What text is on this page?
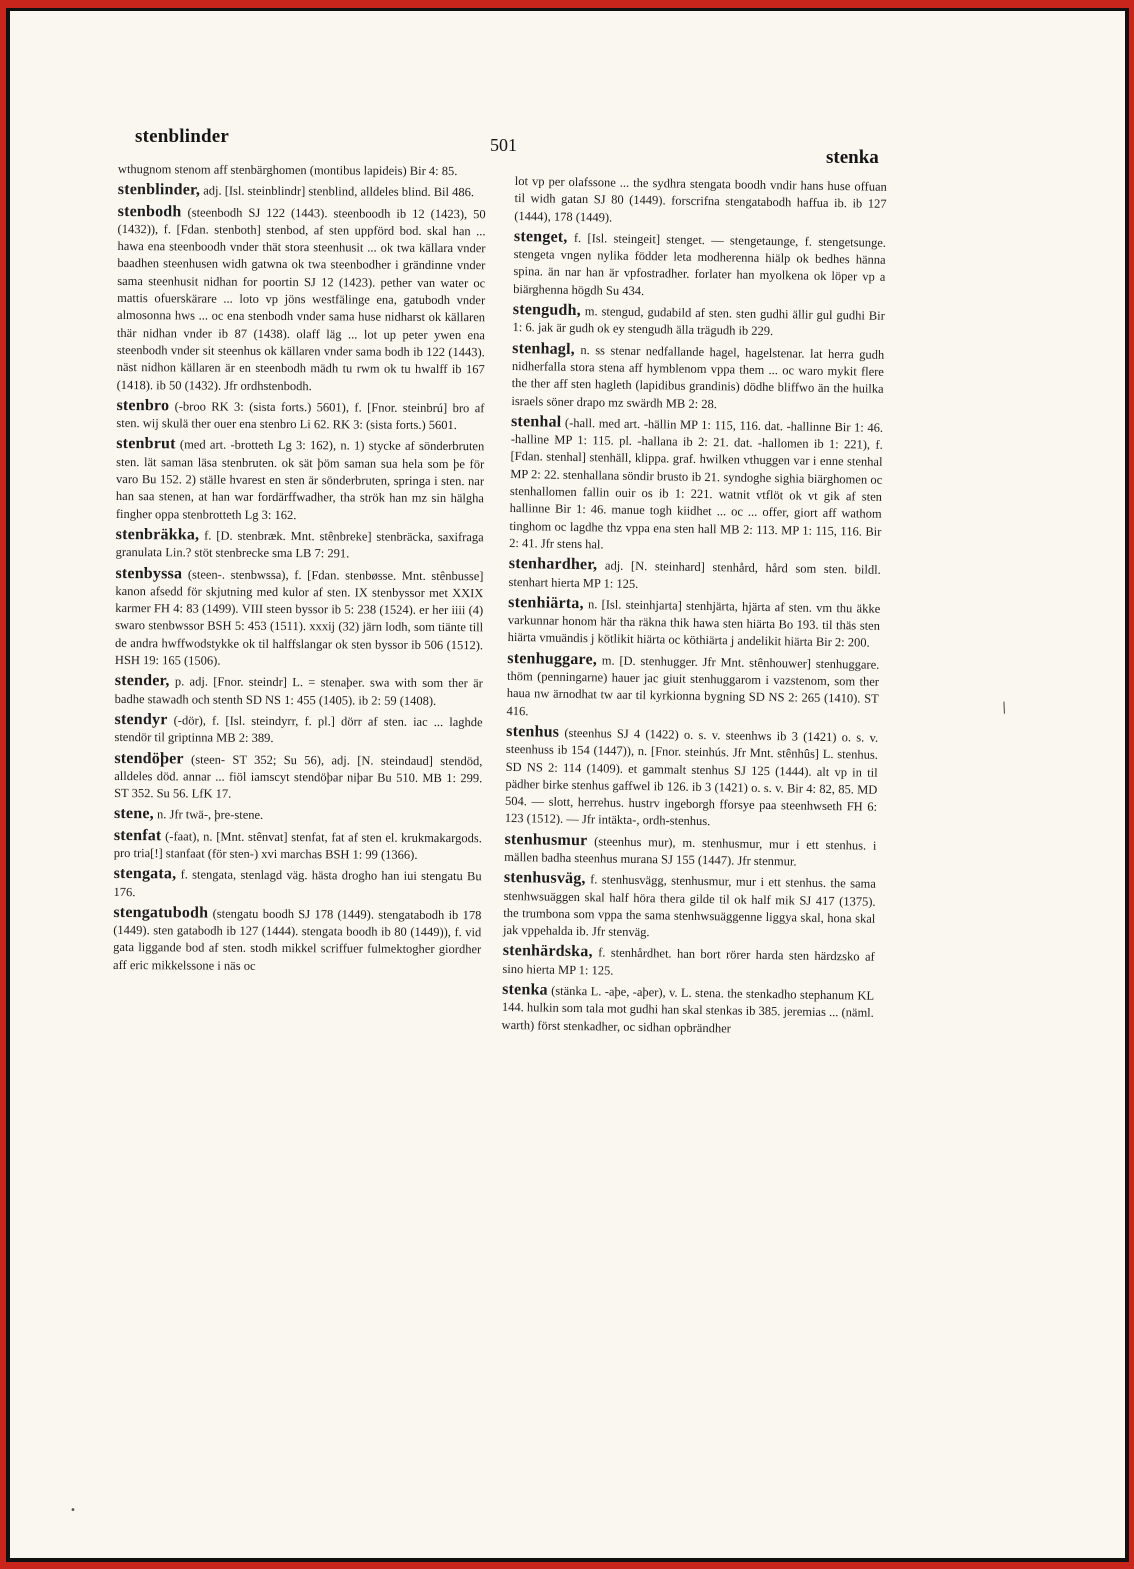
stenblinder	501
stenka

wthugnom stenom aff stenbärghomen (montibus lapideis) Bir 4: 85.

stenblinder, adj. [Isl. steinblindr] stenblind, alldeles blind. Bil 486.

stenbodh (steenbodh SJ 122 (1443). steenboodh ib 12 (1423), 50 (1432)), f. [Fdan. stenboth] stenbod, af sten uppförd bod. skal han ... hawa ena steenboodh vnder thät stora steenhusit ... ok twa källara vnder baadhen steenhusen widh gatwna ok twa steenbodher i grändinne vnder sama steenhusit nidhan for poortin SJ 12 (1423). pether van water oc mattis ofuerskärare ... loto vp jöns westfälinge ena, gatubodh vnder almosonna hws ... oc ena stenbodh vnder sama huse nidharst ok källaren thär nidhan vnder ib 87 (1438). olaff läg ... lot up peter ywen ena steenbodh vnder sit steenhus ok källaren vnder sama bodh ib 122 (1443). näst nidhon källaren är en steenbodh mädh tu rwm ok tu hwalff ib 167 (1418). ib 50 (1432). Jfr ordhstenbodh.

stenbro (-broo RK 3: (sista forts.) 5601), f. [Fnor. steinbrú] bro af sten. wij skulä ther ouer ena stenbro Li 62. RK 3: (sista forts.) 5601.

stenbrut (med art. -brotteth Lg 3: 162), n. 1) stycke af sönderbruten sten. lät saman läsa stenbruten. ok sät þöm saman sua hela som þe för varo Bu 152. 2) ställe hvarest en sten är sönderbruten, springa i sten. nar han saa stenen, at han war fordärffwadher, tha strök han mz sin hälgha fingher oppa stenbrotteth Lg 3: 162.

stenbräkka, f. [D. stenbræk. Mnt. stênbreke] stenbräcka, saxifraga granulata Lin.? stöt stenbrecke sma LB 7: 291.

stenbyssa (steen-. stenbwssa), f. [Fdan. stenbøsse. Mnt. stênbusse] kanon afsedd för skjutning med kulor af sten. IX stenbyssor met XXIX karmer FH 4: 83 (1499). VIII steen byssor ib 5: 238 (1524). er her iiii (4) swaro stenbwssor BSH 5: 453 (1511). xxxij (32) järn lodh, som tiänte till de andra hwffwodstykke ok til halffslangar ok sten byssor ib 506 (1512). HSH 19: 165 (1506).

stender, p. adj. [Fnor. steindr] L. = stenaþer. swa with som ther är badhe stawadh och stenth SD NS 1: 455 (1405). ib 2: 59 (1408).

stendyr (-dör), f. [Isl. steindyrr, f. pl.] dörr af sten. iac ... laghde stendör til griptinna MB 2: 389.

stendöþer (steen- ST 352; Su 56), adj. [N. steindaud] stendöd, alldeles död. annar ... fiöl iamscyt stendöþar niþar Bu 510. MB 1: 299. ST 352. Su 56. LfK 17.

stene, n. Jfr twä-, þre-stene.

stenfat (-faat), n. [Mnt. stênvat] stenfat, fat af sten el. krukmakargods. pro tria[!] stanfaat (för sten-) xvi marchas BSH 1: 99 (1366).

stengata, f. stengata, stenlagd väg. hästa drogho han iui stengatu Bu 176.

stengatubodh (stengatu boodh SJ 178 (1449). stengatabodh ib 178 (1449). sten gatabodh ib 127 (1444). stengata boodh ib 80 (1449)), f. vid gata liggande bod af sten. stodh mikkel scriffuer fulmektogher giordher aff eric mikkelssone i näs oc

lot vp per olafssone ... the sydhra stengata boodh vndir hans huse offuan til widh gatan SJ 80 (1449). forscrifna stengatabodh haffua ib. ib 127 (1444), 178 (1449).

stenget, f. [Isl. steingeit] stenget. — stengetaunge, f. stengetsunge. stengeta vngen nylika födder leta modherenna hiälp ok bedhes hänna spina. än nar han är vpfostradher. forlater han myolkena ok löper vp a biärghenna högdh Su 434.

stengudh, m. stengud, gudabild af sten. sten gudhi ällir gul gudhi Bir 1: 6. jak är gudh ok ey stengudh älla trägudh ib 229.

stenhagl, n. ss stenar nedfallande hagel, hagelstenar. lat herra gudh nidherfalla stora stena aff hymblenom vppa them ... oc waro mykit flere the ther aff sten hagleth (lapidibus grandinis) dödhe bliffwo än the huilka israels söner drapo mz swärdh MB 2: 28.

stenhal (-hall. med art. -hällin MP 1: 115, 116. dat. -hallinne Bir 1: 46. -halline MP 1: 115. pl. -hallana ib 2: 21. dat. -hallomen ib 1: 221), f. [Fdan. stenhal] stenhäll, klippa. graf. hwilken vthuggen var i enne stenhal MP 2: 22. stenhallana söndir brusto ib 21. syndoghe sighia biärghomen oc stenhallomen fallin ouir os ib 1: 221. watnit vtflöt ok vt gik af sten hallinne Bir 1: 46. manue togh kiidhet ... oc ... offer, giort aff wathom tinghom oc lagdhe thz vppa ena sten hall MB 2: 113. MP 1: 115, 116. Bir 2: 41. Jfr stens hal.

stenhardher, adj. [N. steinhard] stenhård, hård som sten. bildl. stenhart hierta MP 1: 125.

stenhiärta, n. [Isl. steinhjarta] stenhjärta, hjärta af sten. vm thu äkke varkunnar honom här tha räkna thik hawa sten hiärta Bo 193. til thäs sten hiärta vmuändis j kötlikit hiärta oc köthiärta j andelikit hiärta Bir 2: 200.

stenhuggare, m. [D. stenhugger. Jfr Mnt. stênhouwer] stenhuggare. thöm (penningarne) hauer jac giuit stenhuggarom i vazstenom, som ther haua nw ärnodhat tw aar til kyrkionna bygning SD NS 2: 265 (1410). ST 416.

stenhus (steenhus SJ 4 (1422) o. s. v. steenhws ib 3 (1421) o. s. v. steenhuss ib 154 (1447)), n. [Fnor. steinhús. Jfr Mnt. stênhûs] L. stenhus. SD NS 2: 114 (1409). et gammalt stenhus SJ 125 (1444). alt vp in til pädher birke stenhus gaffwel ib 126. ib 3 (1421) o. s. v. Bir 4: 82, 85. MD 504. — slott, herrehus. hustrv ingeborgh fforsye paa steenhwseth FH 6: 123 (1512). — Jfr intäkta-, ordh-stenhus.

stenhusmur (steenhus mur), m. stenhusmur, mur i ett stenhus. i mällen badha steenhus murana SJ 155 (1447). Jfr stenmur.

stenhusväg, f. stenhusvägg, stenhusmur, mur i ett stenhus. the sama stenhwsuäggen skal half höra thera gilde til ok half mik SJ 417 (1375). the trumbona som vppa the sama stenhwsuäggenne liggya skal, hona skal jak vppehalda ib. Jfr stenväg.

stenhärdska, f. stenhårdhet. han bort rörer harda sten härdzsko af sino hierta MP 1: 125.

stenka (stänka L. -aþe, -aþer), v. L. stena. the stenkadho stephanum KL 144. hulkin som tala mot gudhi han skal stenkas ib 385. jeremias ... (näml. warth) först stenkadher, oc sidhan opbrändher

/
•
